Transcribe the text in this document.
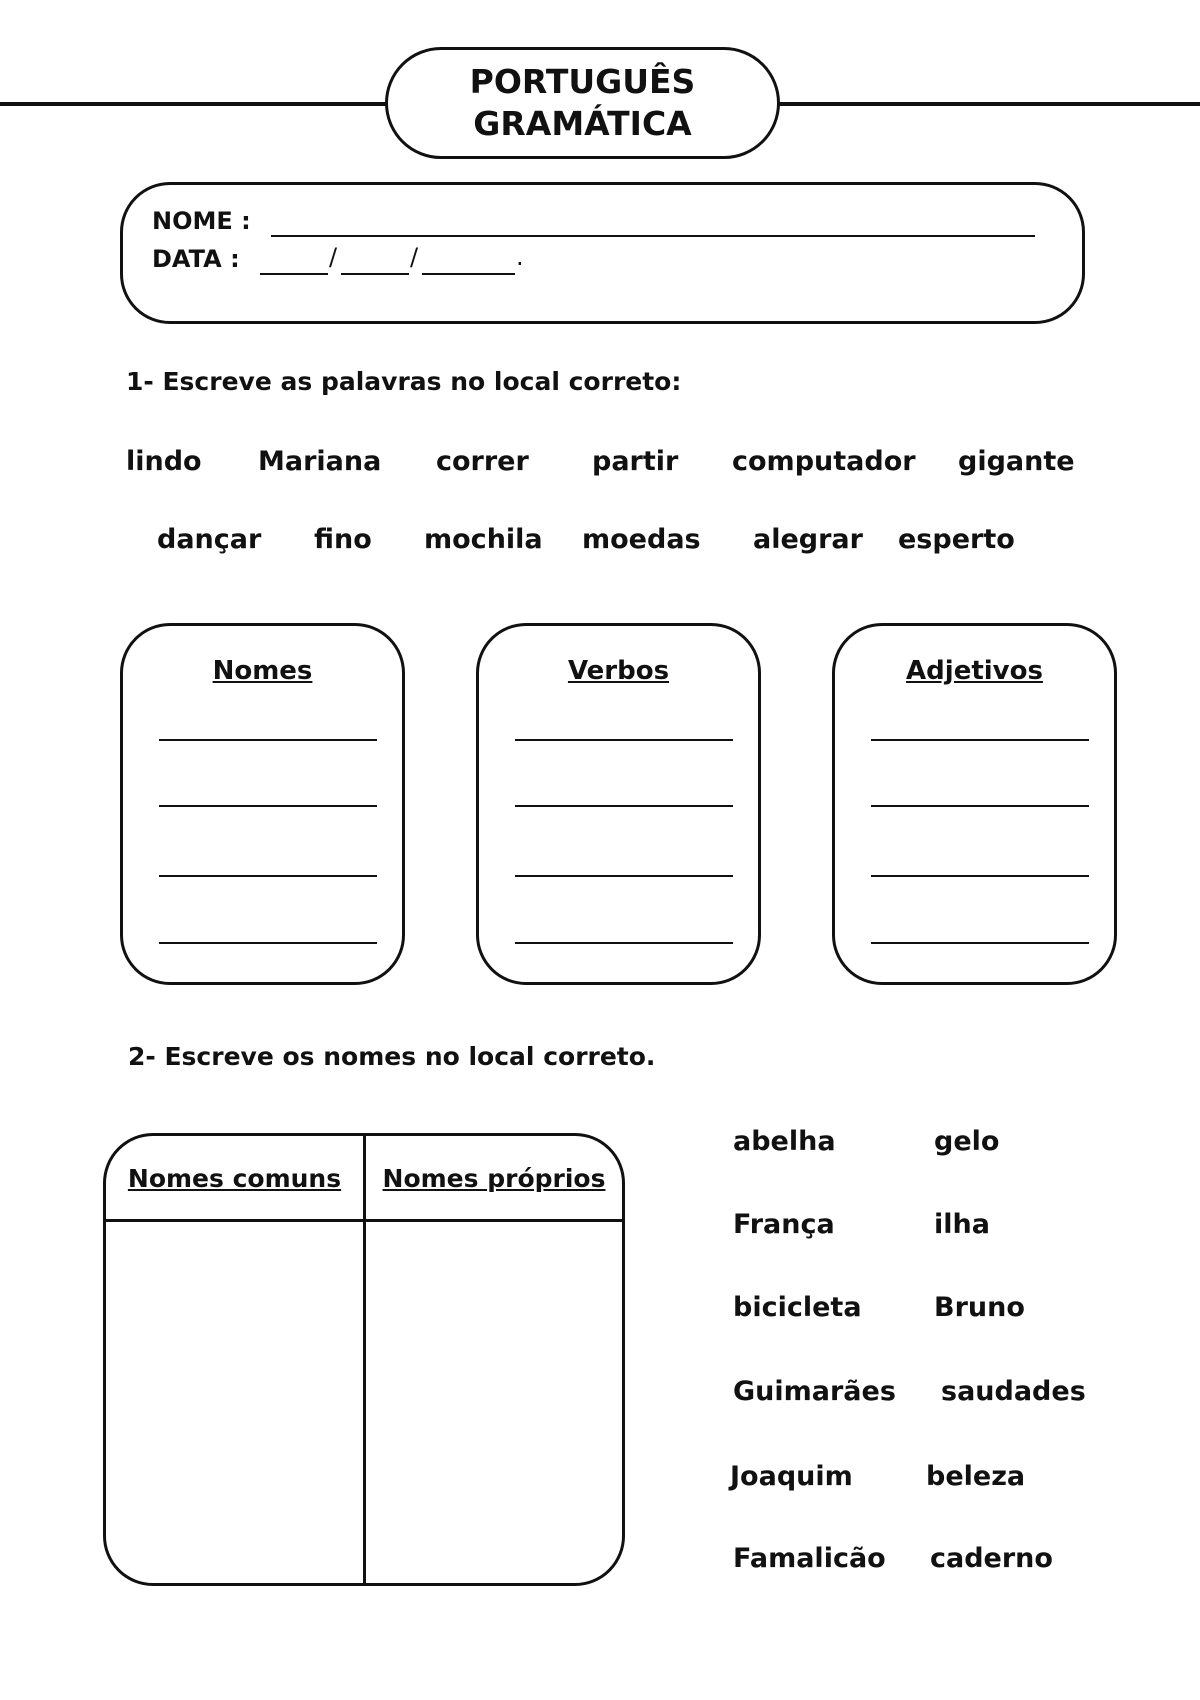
PORTUGUÊS
GRAMÁTICA
NOME :
DATA :	/	/	.
1- Escreve as palavras no local correto:
lindo Mariana correr partir computador gigante
dançar fino mochila moedas alegrar esperto
Nomes	Verbos	Adjetivos
2- Escreve os nomes no local correto.
Nomes comuns	Nomes próprios
abelha	gelo
França	ilha
bicicleta	Bruno
Guimarães saudades
Joaquim	beleza
Famalicão caderno
